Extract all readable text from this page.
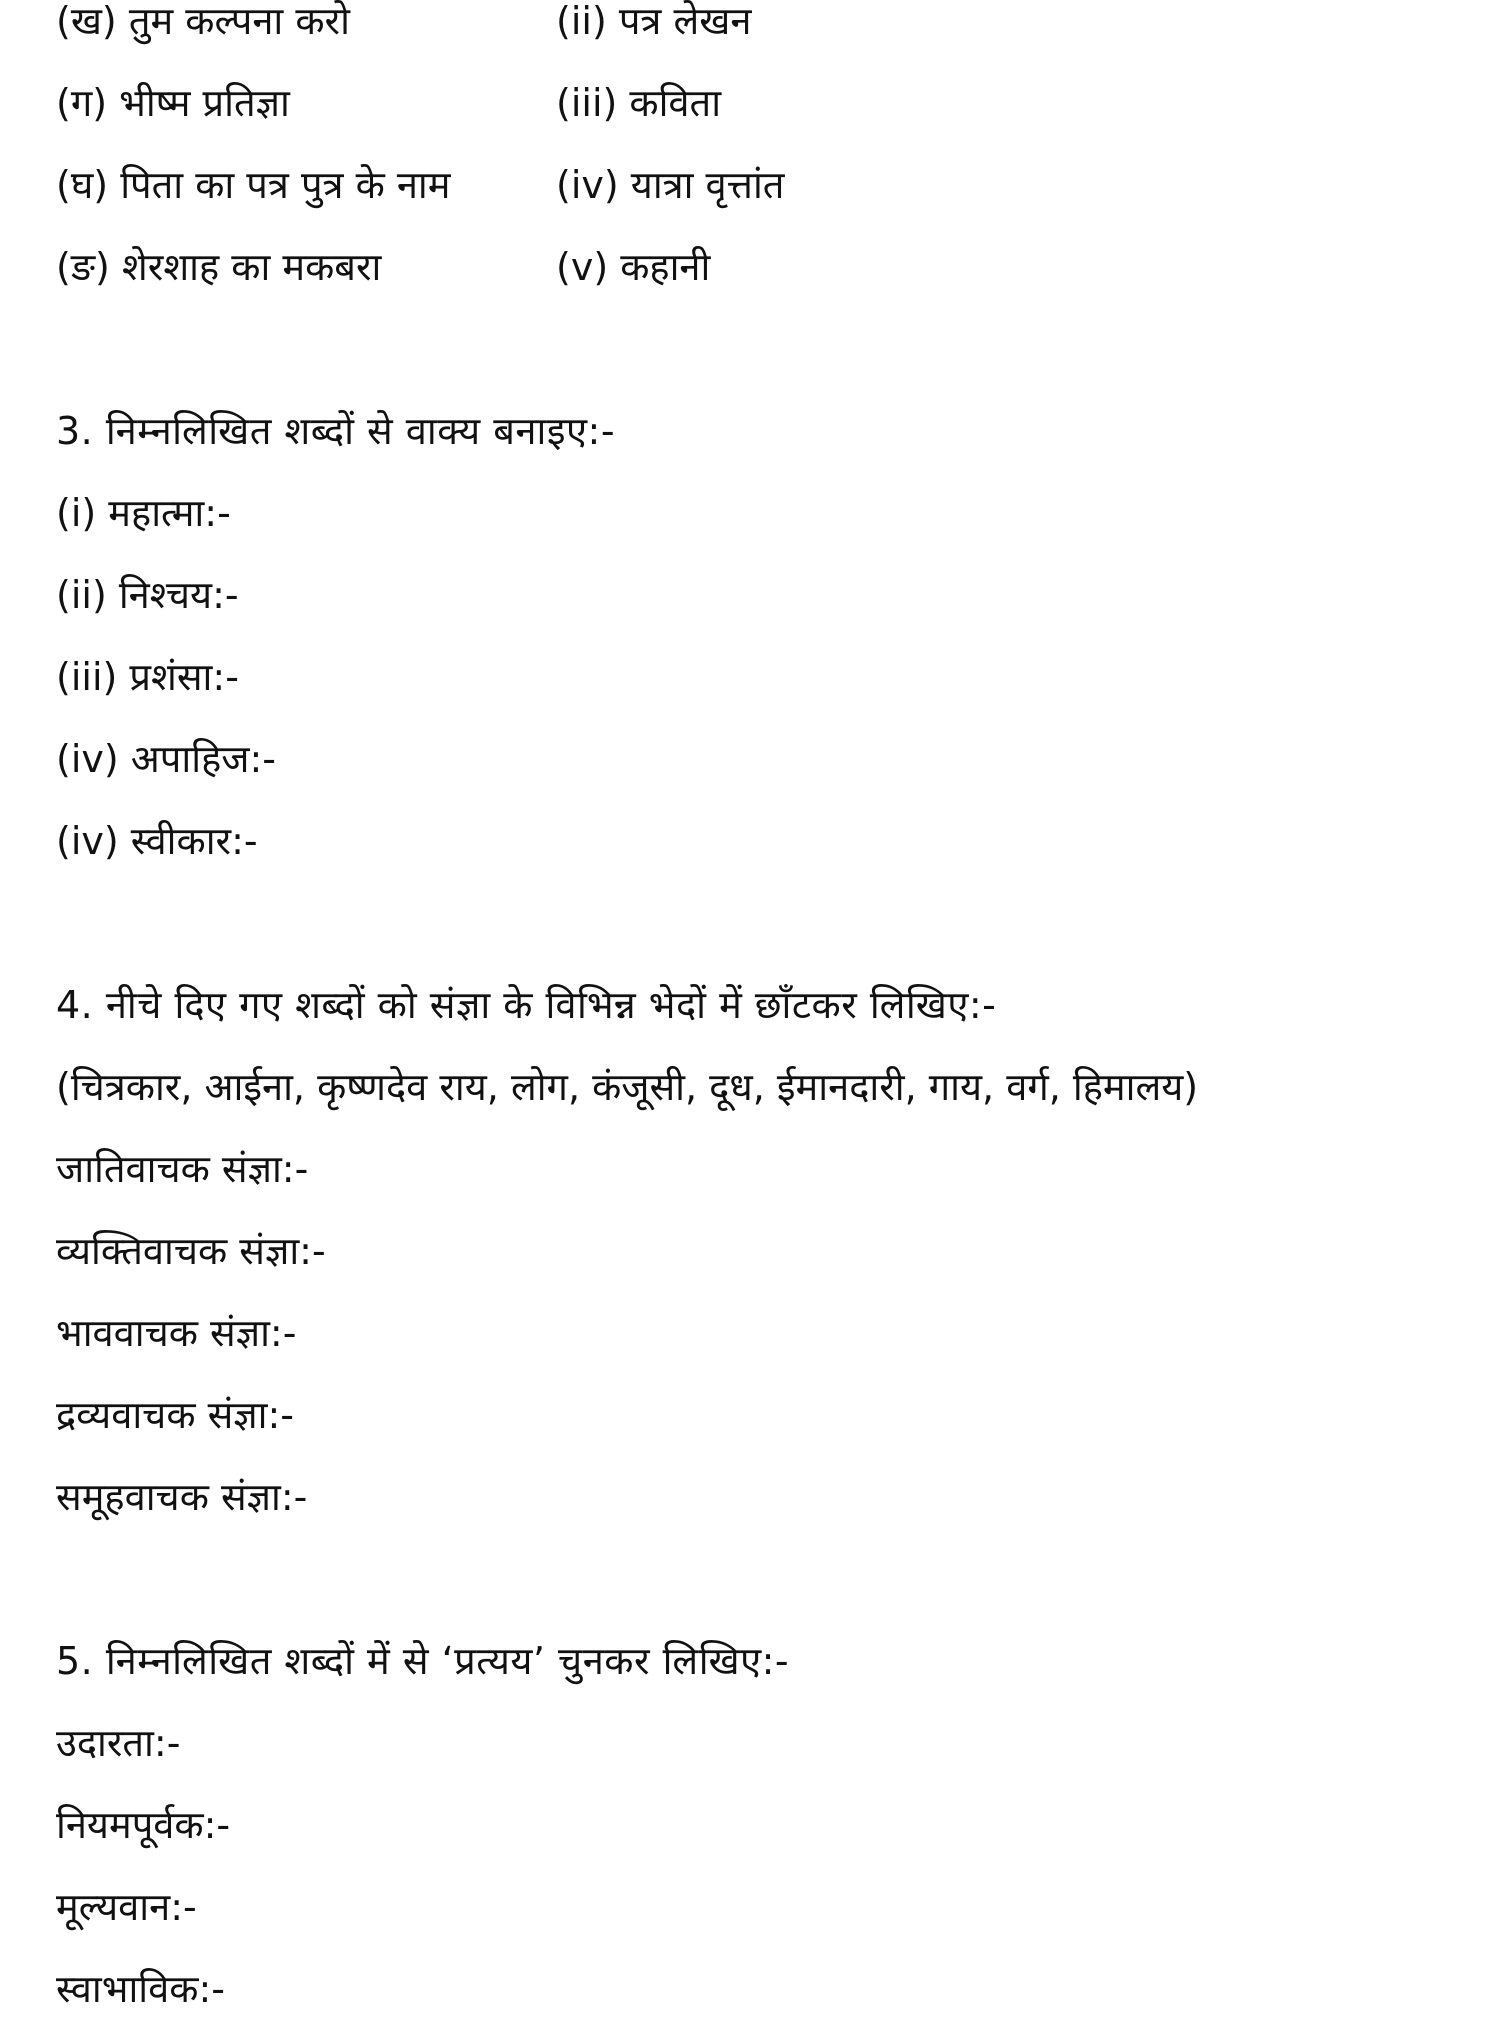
(ख) तुम कल्पना करो	(ii) पत्र लेखन
(ग) भीष्म प्रतिज्ञा	(iii) कविता
(घ) पिता का पत्र पुत्र के नाम	(iv) यात्रा वृत्तांत
(ङ) शेरशाह का मकबरा	(v) कहानी
3. निम्नलिखित शब्दों से वाक्य बनाइए:-
(i) महात्मा:-
(ii) निश्चय:-
(iii) प्रशंसा:-
(iv) अपाहिज:-
(iv) स्वीकार:-
4. नीचे दिए गए शब्दों को संज्ञा के विभिन्न भेदों में छाँटकर लिखिए:-
(चित्रकार, आईना, कृष्णदेव राय, लोग, कंजूसी, दूध, ईमानदारी, गाय, वर्ग, हिमालय)
जातिवाचक संज्ञा:-
व्यक्तिवाचक संज्ञा:-
भाववाचक संज्ञा:-
द्रव्यवाचक संज्ञा:-
समूहवाचक संज्ञा:-
5. निम्नलिखित शब्दों में से ‘प्रत्यय’ चुनकर लिखिए:-
उदारता:-
नियमपूर्वक:-
मूल्यवान:-
स्वाभाविक:-
